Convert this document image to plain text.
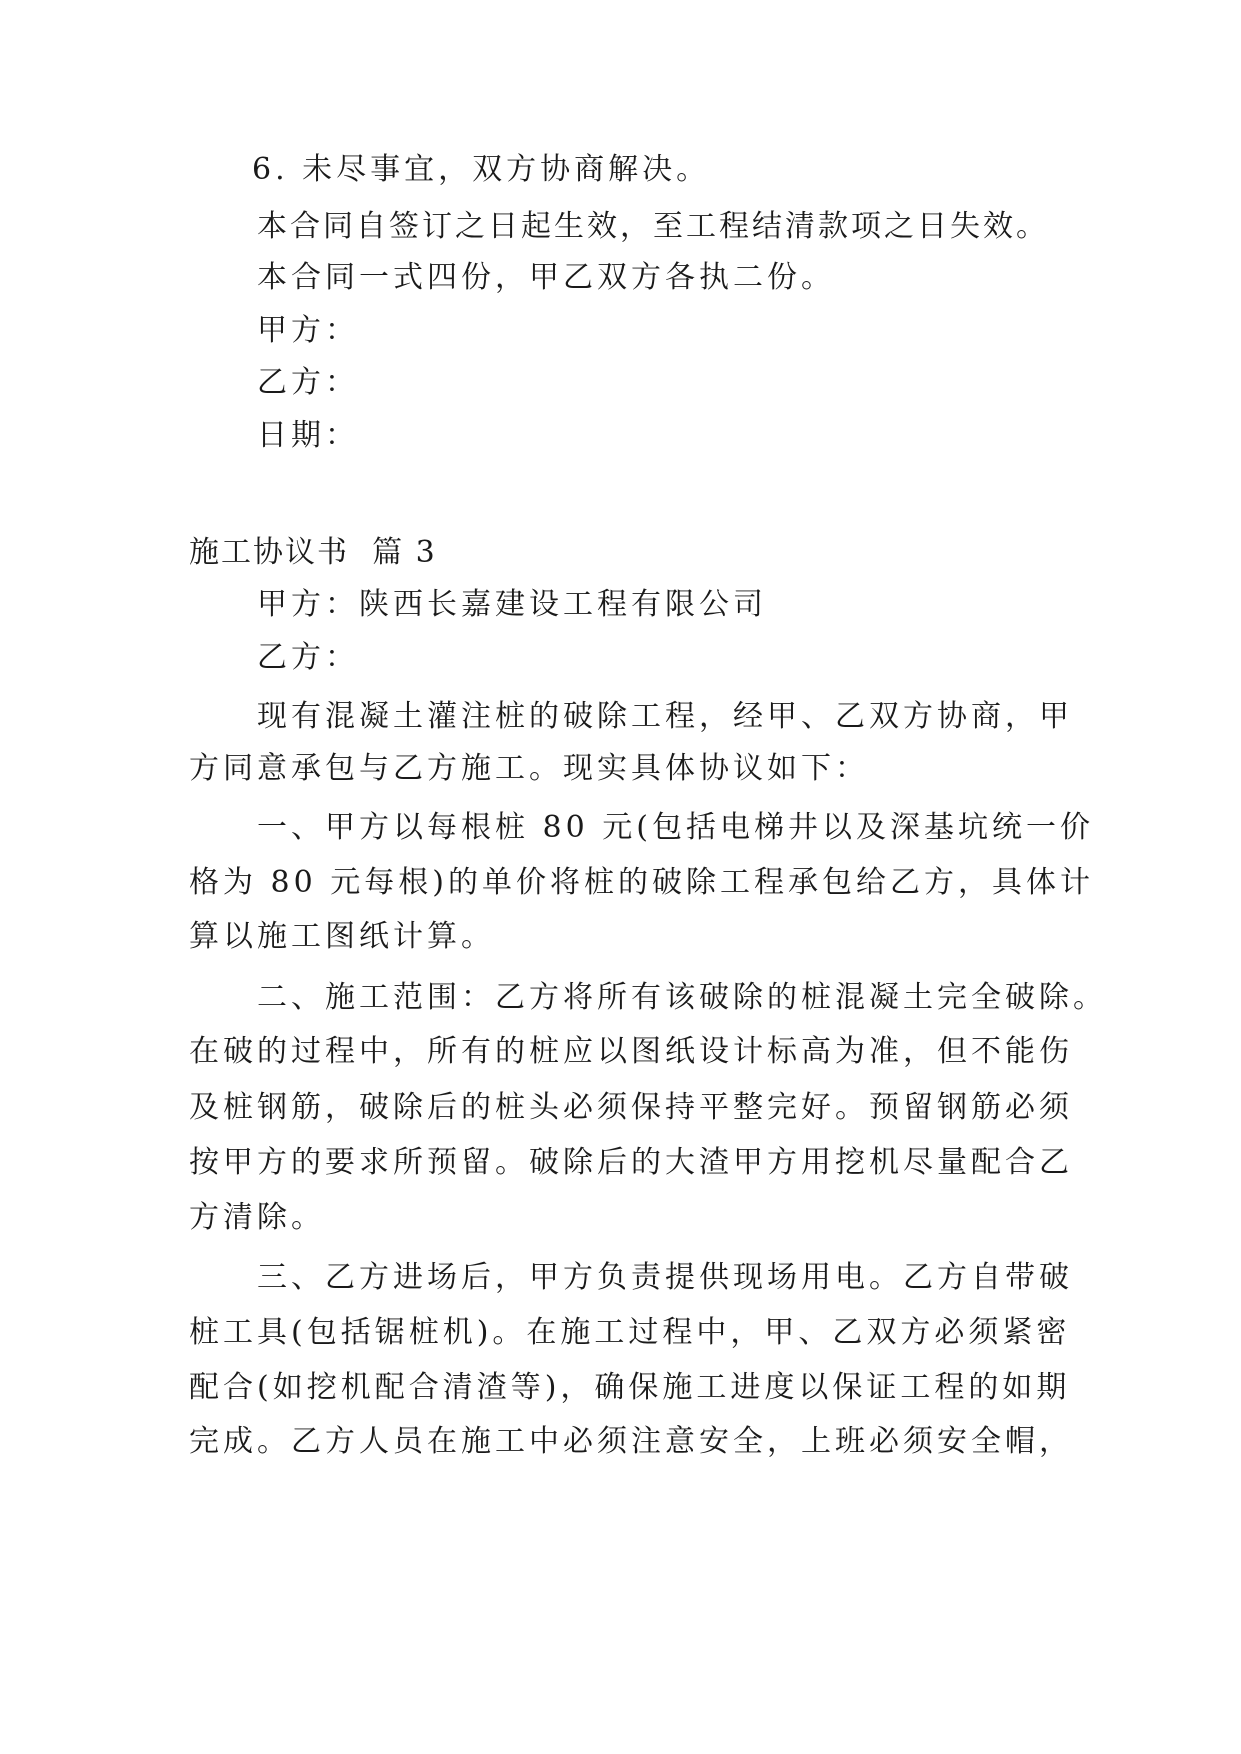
6. 未尽事宜，双方协商解决。
本合同自签订之日起生效，至工程结清款项之日失效。
本合同一式四份，甲乙双方各执二份。
甲方：
乙方：
日期：
施工协议书  篇 3
甲方：陕西长嘉建设工程有限公司
乙方：
现有混凝土灌注桩的破除工程，经甲、乙双方协商，甲
方同意承包与乙方施工。现实具体协议如下：
一、甲方以每根桩 80 元(包括电梯井以及深基坑统一价
格为 80 元每根)的单价将桩的破除工程承包给乙方，具体计
算以施工图纸计算。
二、施工范围：乙方将所有该破除的桩混凝土完全破除。
在破的过程中，所有的桩应以图纸设计标高为准，但不能伤
及桩钢筋，破除后的桩头必须保持平整完好。预留钢筋必须
按甲方的要求所预留。破除后的大渣甲方用挖机尽量配合乙
方清除。
三、乙方进场后，甲方负责提供现场用电。乙方自带破
桩工具(包括锯桩机)。在施工过程中，甲、乙双方必须紧密
配合(如挖机配合清渣等)，确保施工进度以保证工程的如期
完成。乙方人员在施工中必须注意安全，上班必须安全帽，
